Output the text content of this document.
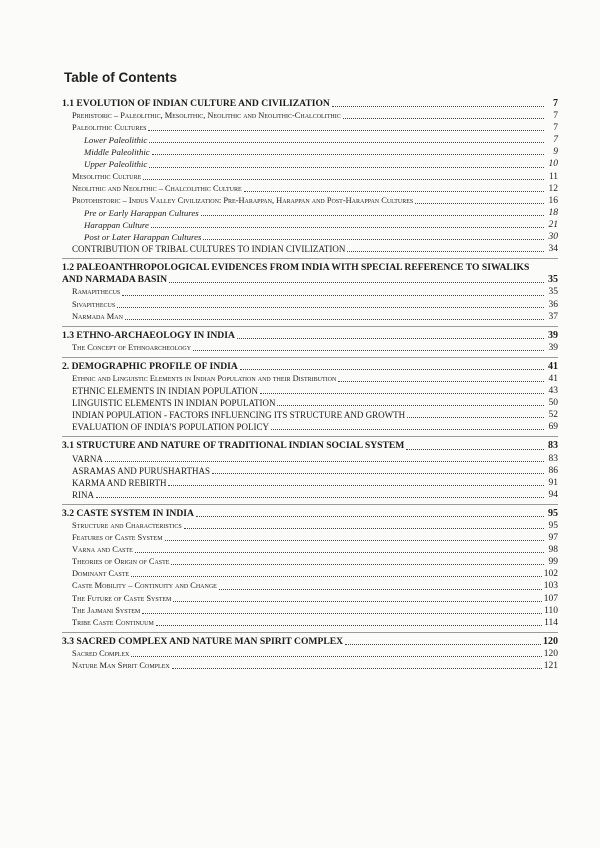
Table of Contents
1.1 EVOLUTION OF INDIAN CULTURE AND CIVILIZATION	7
Prehistoric – Paleolithic, Mesolithic, Neolithic and Neolithic-Chalcolithic	7
Paleolithic Cultures	7
Lower Paleolithic	7
Middle Paleolithic	9
Upper Paleolithic	10
Mesolithic Culture	11
Neolithic and Neolithic – Chalcolithic Culture	12
Protohistoric – Indus Valley Civilization: Pre-Harappan, Harappan and Post-Harappan Cultures	16
Pre or Early Harappan Cultures	18
Harappan Culture	21
Post or Later Harappan Cultures	30
CONTRIBUTION OF TRIBAL CULTURES TO INDIAN CIVILIZATION	34
1.2 PALEOANTHROPOLOGICAL EVIDENCES FROM INDIA WITH SPECIAL REFERENCE TO SIWALIKS
AND NARMADA BASIN	35
Ramapithecus	35
Sivapithecus	36
Narmada Man	37
1.3 ETHNO-ARCHAEOLOGY IN INDIA	39
The Concept of Ethnoarcheology	39
2. DEMOGRAPHIC PROFILE OF INDIA	41
Ethnic and Linguistic Elements in Indian Population and their Distribution	41
ETHNIC ELEMENTS IN INDIAN POPULATION	43
LINGUISTIC ELEMENTS IN INDIAN POPULATION	50
INDIAN POPULATION - FACTORS INFLUENCING ITS STRUCTURE AND GROWTH	52
EVALUATION OF INDIA'S POPULATION POLICY	69
3.1 STRUCTURE AND NATURE OF TRADITIONAL INDIAN SOCIAL SYSTEM	83
VARNA	83
ASRAMAS AND PURUSHARTHAS	86
KARMA AND REBIRTH	91
RINA	94
3.2 CASTE SYSTEM IN INDIA	95
Structure and Characteristics	95
Features of Caste System	97
Varna and Caste	98
Theories of Origin of Caste	99
Dominant Caste	102
Caste Mobility – Continuity and Change	103
The Future of Caste System	107
The Jajmani System	110
Tribe Caste Continuum	114
3.3 SACRED COMPLEX AND NATURE MAN SPIRIT COMPLEX	120
Sacred Complex	120
Nature Man Spirit Complex	121
